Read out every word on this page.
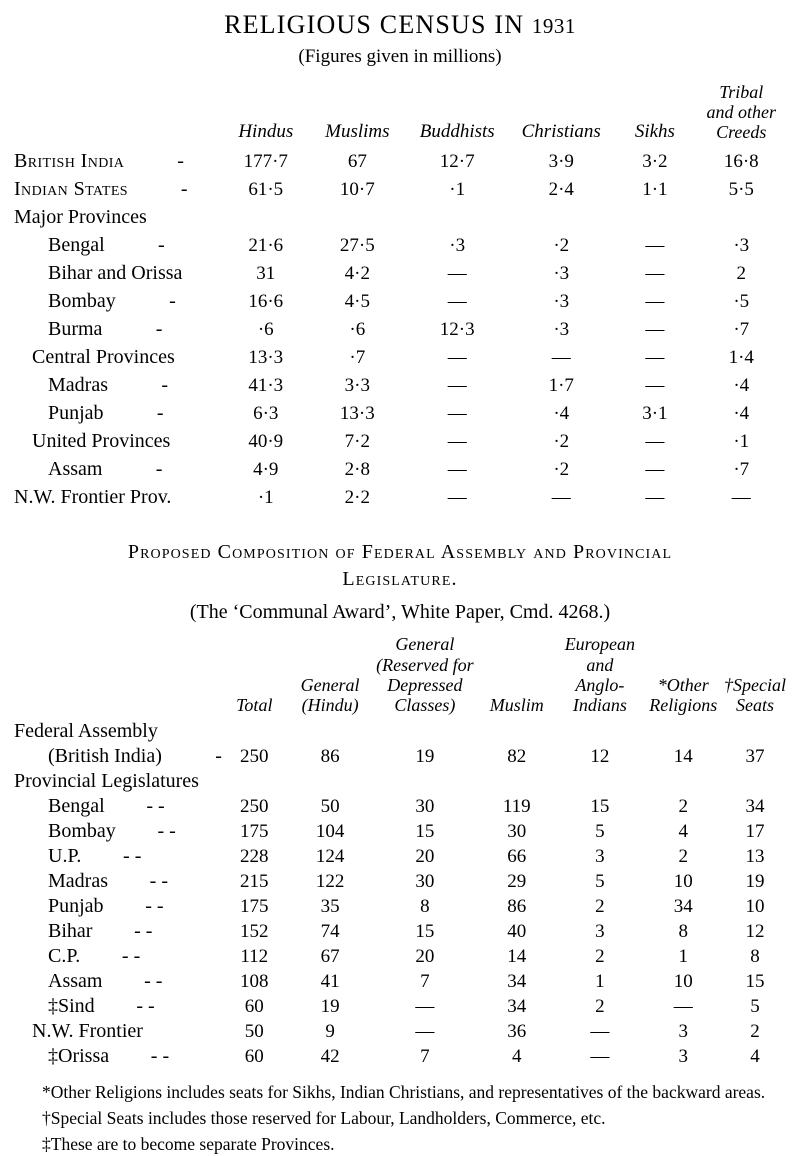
RELIGIOUS CENSUS IN 1931
(Figures given in millions)
	Hindus	Muslims	Buddhists	Christians	Sikhs	Tribal
and other
Creeds

British India -	177·7	67	12·7	3·9	3·2	16·8
Indian States -	61·5	10·7	·1	2·4	1·1	5·5
Major Provinces						
Bengal -	21·6	27·5	·3	·2	—	·3
Bihar and Orissa	31	4·2	—	·3	—	2
Bombay -	16·6	4·5	—	·3	—	·5
Burma -	·6	·6	12·3	·3	—	·7
Central Provinces	13·3	·7	—	—	—	1·4
Madras -	41·3	3·3	—	1·7	—	·4
Punjab -	6·3	13·3	—	·4	3·1	·4
United Provinces	40·9	7·2	—	·2	—	·1
Assam -	4·9	2·8	—	·2	—	·7
N.W. Frontier Prov.	·1	2·2	—	—	—	—
Proposed Composition of Federal Assembly and Provincial
Legislature.
(The ‘Communal Award’, White Paper, Cmd. 4268.)

Total

General
(Hindu)

General
(Reserved for
Depressed
Classes)	Muslim

European
and
Anglo-
Indians

*Other
Religions

†Special
Seats

Federal Assembly							
(British India) -	250	86	19	82	12	14	37
Provincial Legislatures							
Bengal - -	250	50	30	119	15	2	34
Bombay - -	175	104	15	30	5	4	17
U.P. - -	228	124	20	66	3	2	13
Madras - -	215	122	30	29	5	10	19
Punjab - -	175	35	8	86	2	34	10
Bihar - -	152	74	15	40	3	8	12
C.P. - -	112	67	20	14	2	1	8
Assam - -	108	41	7	34	1	10	15
‡Sind - -	60	19	—	34	2	—	5
N.W. Frontier	50	9	—	36	—	3	2
‡Orissa - -	60	42	7	4	—	3	4

*Other Religions includes seats for Sikhs, Indian Christians, and representatives of the backward areas.

†Special Seats includes those reserved for Labour, Landholders, Commerce, etc.

‡These are to become separate Provinces.
